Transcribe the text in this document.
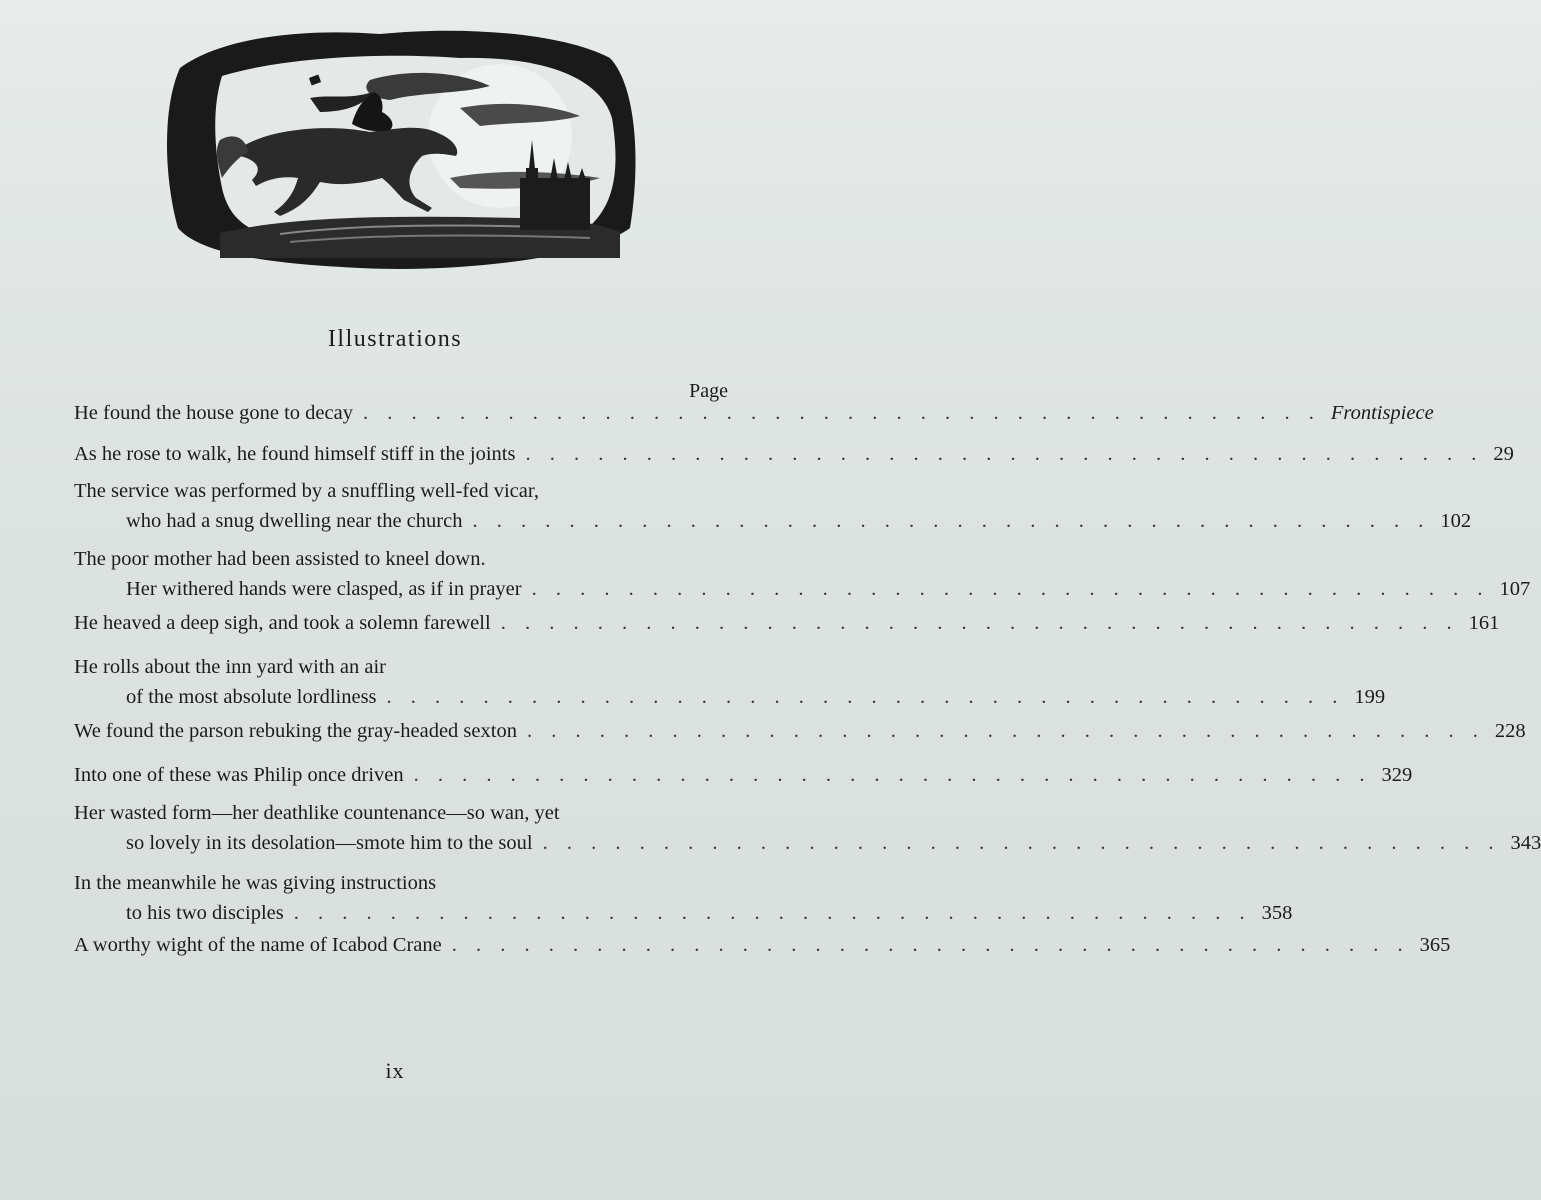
Illustrations
Page
He found the house gone to decay . . . . . . . . . . . . . . . . . . . . . . . . . . . . . . . . . . . . . . . . Frontispiece
As he rose to walk, he found himself stiff in the joints . . . . . . . . . . . . . . . . . . . . . . . . . . . . . . . . . . . . . . . . 29
The service was performed by a snuffling well-fed vicar,
who had a snug dwelling near the church . . . . . . . . . . . . . . . . . . . . . . . . . . . . . . . . . . . . . . . . 102
The poor mother had been assisted to kneel down.
Her withered hands were clasped, as if in prayer . . . . . . . . . . . . . . . . . . . . . . . . . . . . . . . . . . . . . . . . 107
He heaved a deep sigh, and took a solemn farewell . . . . . . . . . . . . . . . . . . . . . . . . . . . . . . . . . . . . . . . . 161
He rolls about the inn yard with an air
of the most absolute lordliness . . . . . . . . . . . . . . . . . . . . . . . . . . . . . . . . . . . . . . . . 199
We found the parson rebuking the gray-headed sexton . . . . . . . . . . . . . . . . . . . . . . . . . . . . . . . . . . . . . . . . 228
Into one of these was Philip once driven . . . . . . . . . . . . . . . . . . . . . . . . . . . . . . . . . . . . . . . . 329
Her wasted form—her deathlike countenance—so wan, yet
so lovely in its desolation—smote him to the soul . . . . . . . . . . . . . . . . . . . . . . . . . . . . . . . . . . . . . . . . 343
In the meanwhile he was giving instructions
to his two disciples . . . . . . . . . . . . . . . . . . . . . . . . . . . . . . . . . . . . . . . . 358
A worthy wight of the name of Icabod Crane . . . . . . . . . . . . . . . . . . . . . . . . . . . . . . . . . . . . . . . . 365
ix
